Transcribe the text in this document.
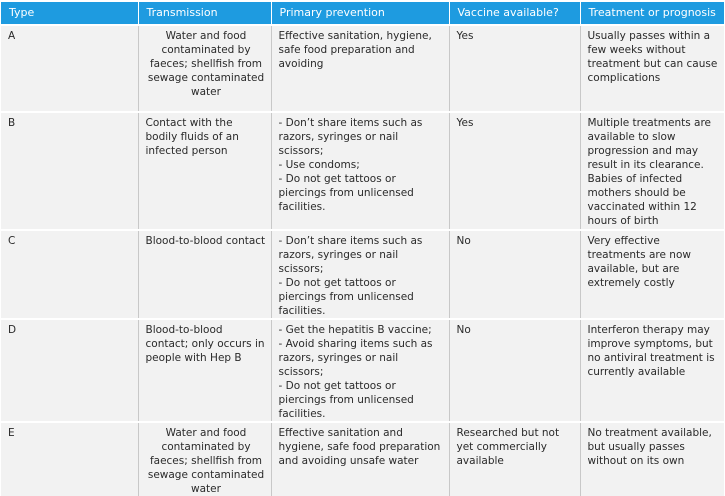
Type	Transmission	Primary prevention	Vaccine available?	Treatment or prognosis
A	Water and food contaminated by faeces; shellfish from sewage contaminated water	Effective sanitation, hygiene, safe food preparation and avoiding	Yes	Usually passes within a few weeks without treatment but can cause complications
B	Contact with the bodily fluids of an infected person	- Don’t share items such as razors, syringes or nail scissors;
- Use condoms;
- Do not get tattoos or piercings from unlicensed facilities.	Yes	Multiple treatments are available to slow progression and may result in its clearance. Babies of infected mothers should be vaccinated within 12 hours of birth
C	Blood-to-blood contact	- Don’t share items such as razors, syringes or nail scissors;
- Do not get tattoos or piercings from unlicensed facilities.	No	Very effective treatments are now available, but are extremely costly
D	Blood-to-blood contact; only occurs in people with Hep B	- Get the hepatitis B vaccine;
- Avoid sharing items such as razors, syringes or nail scissors;
- Do not get tattoos or piercings from unlicensed facilities.	No	Interferon therapy may improve symptoms, but no antiviral treatment is currently available
E	Water and food contaminated by faeces; shellfish from sewage contaminated water	Effective sanitation and hygiene, safe food preparation and avoiding unsafe water	Researched but not yet commercially available	No treatment available, but usually passes without on its own
